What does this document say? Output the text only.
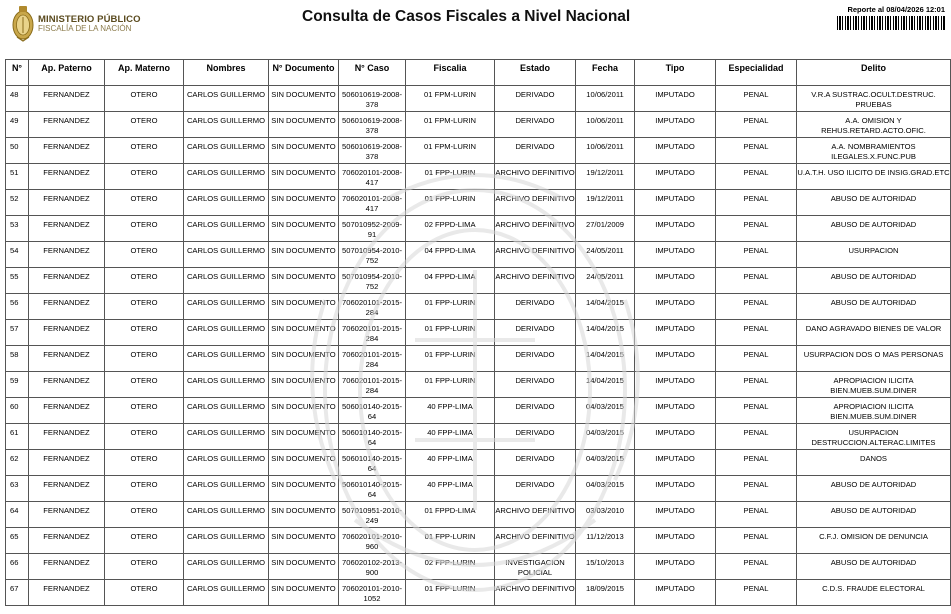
MINISTERIO PÚBLICO
FISCALÍA DE LA NACIÓN
Consulta de Casos Fiscales a Nivel Nacional	Reporte al 08/04/2026 12:01
N°	Ap. Paterno	Ap. Materno	Nombres	N° Documento	N° Caso	Fiscalia	Estado	Fecha	Tipo	Especialidad	Delito
48	FERNANDEZ	OTERO	CARLOS GUILLERMO	SIN DOCUMENTO	506010619-2008-378	01 FPM-LURIN	DERIVADO	10/06/2011	IMPUTADO	PENAL	V.R.A SUSTRAC.OCULT.DESTRUC. PRUEBAS
49	FERNANDEZ	OTERO	CARLOS GUILLERMO	SIN DOCUMENTO	506010619-2008-378	01 FPM-LURIN	DERIVADO	10/06/2011	IMPUTADO	PENAL	A.A. OMISION Y REHUS.RETARD.ACTO.OFIC.
50	FERNANDEZ	OTERO	CARLOS GUILLERMO	SIN DOCUMENTO	506010619-2008-378	01 FPM-LURIN	DERIVADO	10/06/2011	IMPUTADO	PENAL	A.A. NOMBRAMIENTOS ILEGALES.X.FUNC.PUB
51	FERNANDEZ	OTERO	CARLOS GUILLERMO	SIN DOCUMENTO	706020101-2008-417	01 FPP-LURIN	ARCHIVO DEFINITIVO	19/12/2011	IMPUTADO	PENAL	U.A.T.H. USO ILICITO DE INSIG.GRAD.ETC
52	FERNANDEZ	OTERO	CARLOS GUILLERMO	SIN DOCUMENTO	706020101-2008-417	01 FPP-LURIN	ARCHIVO DEFINITIVO	19/12/2011	IMPUTADO	PENAL	ABUSO DE AUTORIDAD
53	FERNANDEZ	OTERO	CARLOS GUILLERMO	SIN DOCUMENTO	507010952-2009-91	02 FPPD-LIMA	ARCHIVO DEFINITIVO	27/01/2009	IMPUTADO	PENAL	ABUSO DE AUTORIDAD
54	FERNANDEZ	OTERO	CARLOS GUILLERMO	SIN DOCUMENTO	507010954-2010-752	04 FPPD-LIMA	ARCHIVO DEFINITIVO	24/05/2011	IMPUTADO	PENAL	USURPACION
55	FERNANDEZ	OTERO	CARLOS GUILLERMO	SIN DOCUMENTO	507010954-2010-752	04 FPPD-LIMA	ARCHIVO DEFINITIVO	24/05/2011	IMPUTADO	PENAL	ABUSO DE AUTORIDAD
56	FERNANDEZ	OTERO	CARLOS GUILLERMO	SIN DOCUMENTO	706020101-2015-284	01 FPP-LURIN	DERIVADO	14/04/2015	IMPUTADO	PENAL	ABUSO DE AUTORIDAD
57	FERNANDEZ	OTERO	CARLOS GUILLERMO	SIN DOCUMENTO	706020101-2015-284	01 FPP-LURIN	DERIVADO	14/04/2015	IMPUTADO	PENAL	DANO AGRAVADO BIENES DE VALOR
58	FERNANDEZ	OTERO	CARLOS GUILLERMO	SIN DOCUMENTO	706020101-2015-284	01 FPP-LURIN	DERIVADO	14/04/2015	IMPUTADO	PENAL	USURPACION DOS O MAS PERSONAS
59	FERNANDEZ	OTERO	CARLOS GUILLERMO	SIN DOCUMENTO	706020101-2015-284	01 FPP-LURIN	DERIVADO	14/04/2015	IMPUTADO	PENAL	APROPIACION ILICITA BIEN.MUEB.SUM.DINER
60	FERNANDEZ	OTERO	CARLOS GUILLERMO	SIN DOCUMENTO	506010140-2015-64	40 FPP-LIMA	DERIVADO	04/03/2015	IMPUTADO	PENAL	APROPIACION ILICITA BIEN.MUEB.SUM.DINER
61	FERNANDEZ	OTERO	CARLOS GUILLERMO	SIN DOCUMENTO	506010140-2015-64	40 FPP-LIMA	DERIVADO	04/03/2015	IMPUTADO	PENAL	USURPACION DESTRUCCION.ALTERAC.LIMITES
62	FERNANDEZ	OTERO	CARLOS GUILLERMO	SIN DOCUMENTO	506010140-2015-64	40 FPP-LIMA	DERIVADO	04/03/2015	IMPUTADO	PENAL	DANOS
63	FERNANDEZ	OTERO	CARLOS GUILLERMO	SIN DOCUMENTO	506010140-2015-64	40 FPP-LIMA	DERIVADO	04/03/2015	IMPUTADO	PENAL	ABUSO DE AUTORIDAD
64	FERNANDEZ	OTERO	CARLOS GUILLERMO	SIN DOCUMENTO	507010951-2010-249	01 FPPD-LIMA	ARCHIVO DEFINITIVO	03/03/2010	IMPUTADO	PENAL	ABUSO DE AUTORIDAD
65	FERNANDEZ	OTERO	CARLOS GUILLERMO	SIN DOCUMENTO	706020101-2010-960	01 FPP-LURIN	ARCHIVO DEFINITIVO	11/12/2013	IMPUTADO	PENAL	C.F.J. OMISION DE DENUNCIA
66	FERNANDEZ	OTERO	CARLOS GUILLERMO	SIN DOCUMENTO	706020102-2013-900	02 FPP-LURIN	INVESTIGACION POLICIAL	15/10/2013	IMPUTADO	PENAL	ABUSO DE AUTORIDAD
67	FERNANDEZ	OTERO	CARLOS GUILLERMO	SIN DOCUMENTO	706020101-2010-1052	01 FPP-LURIN	ARCHIVO DEFINITIVO	18/09/2015	IMPUTADO	PENAL	C.D.S. FRAUDE ELECTORAL
